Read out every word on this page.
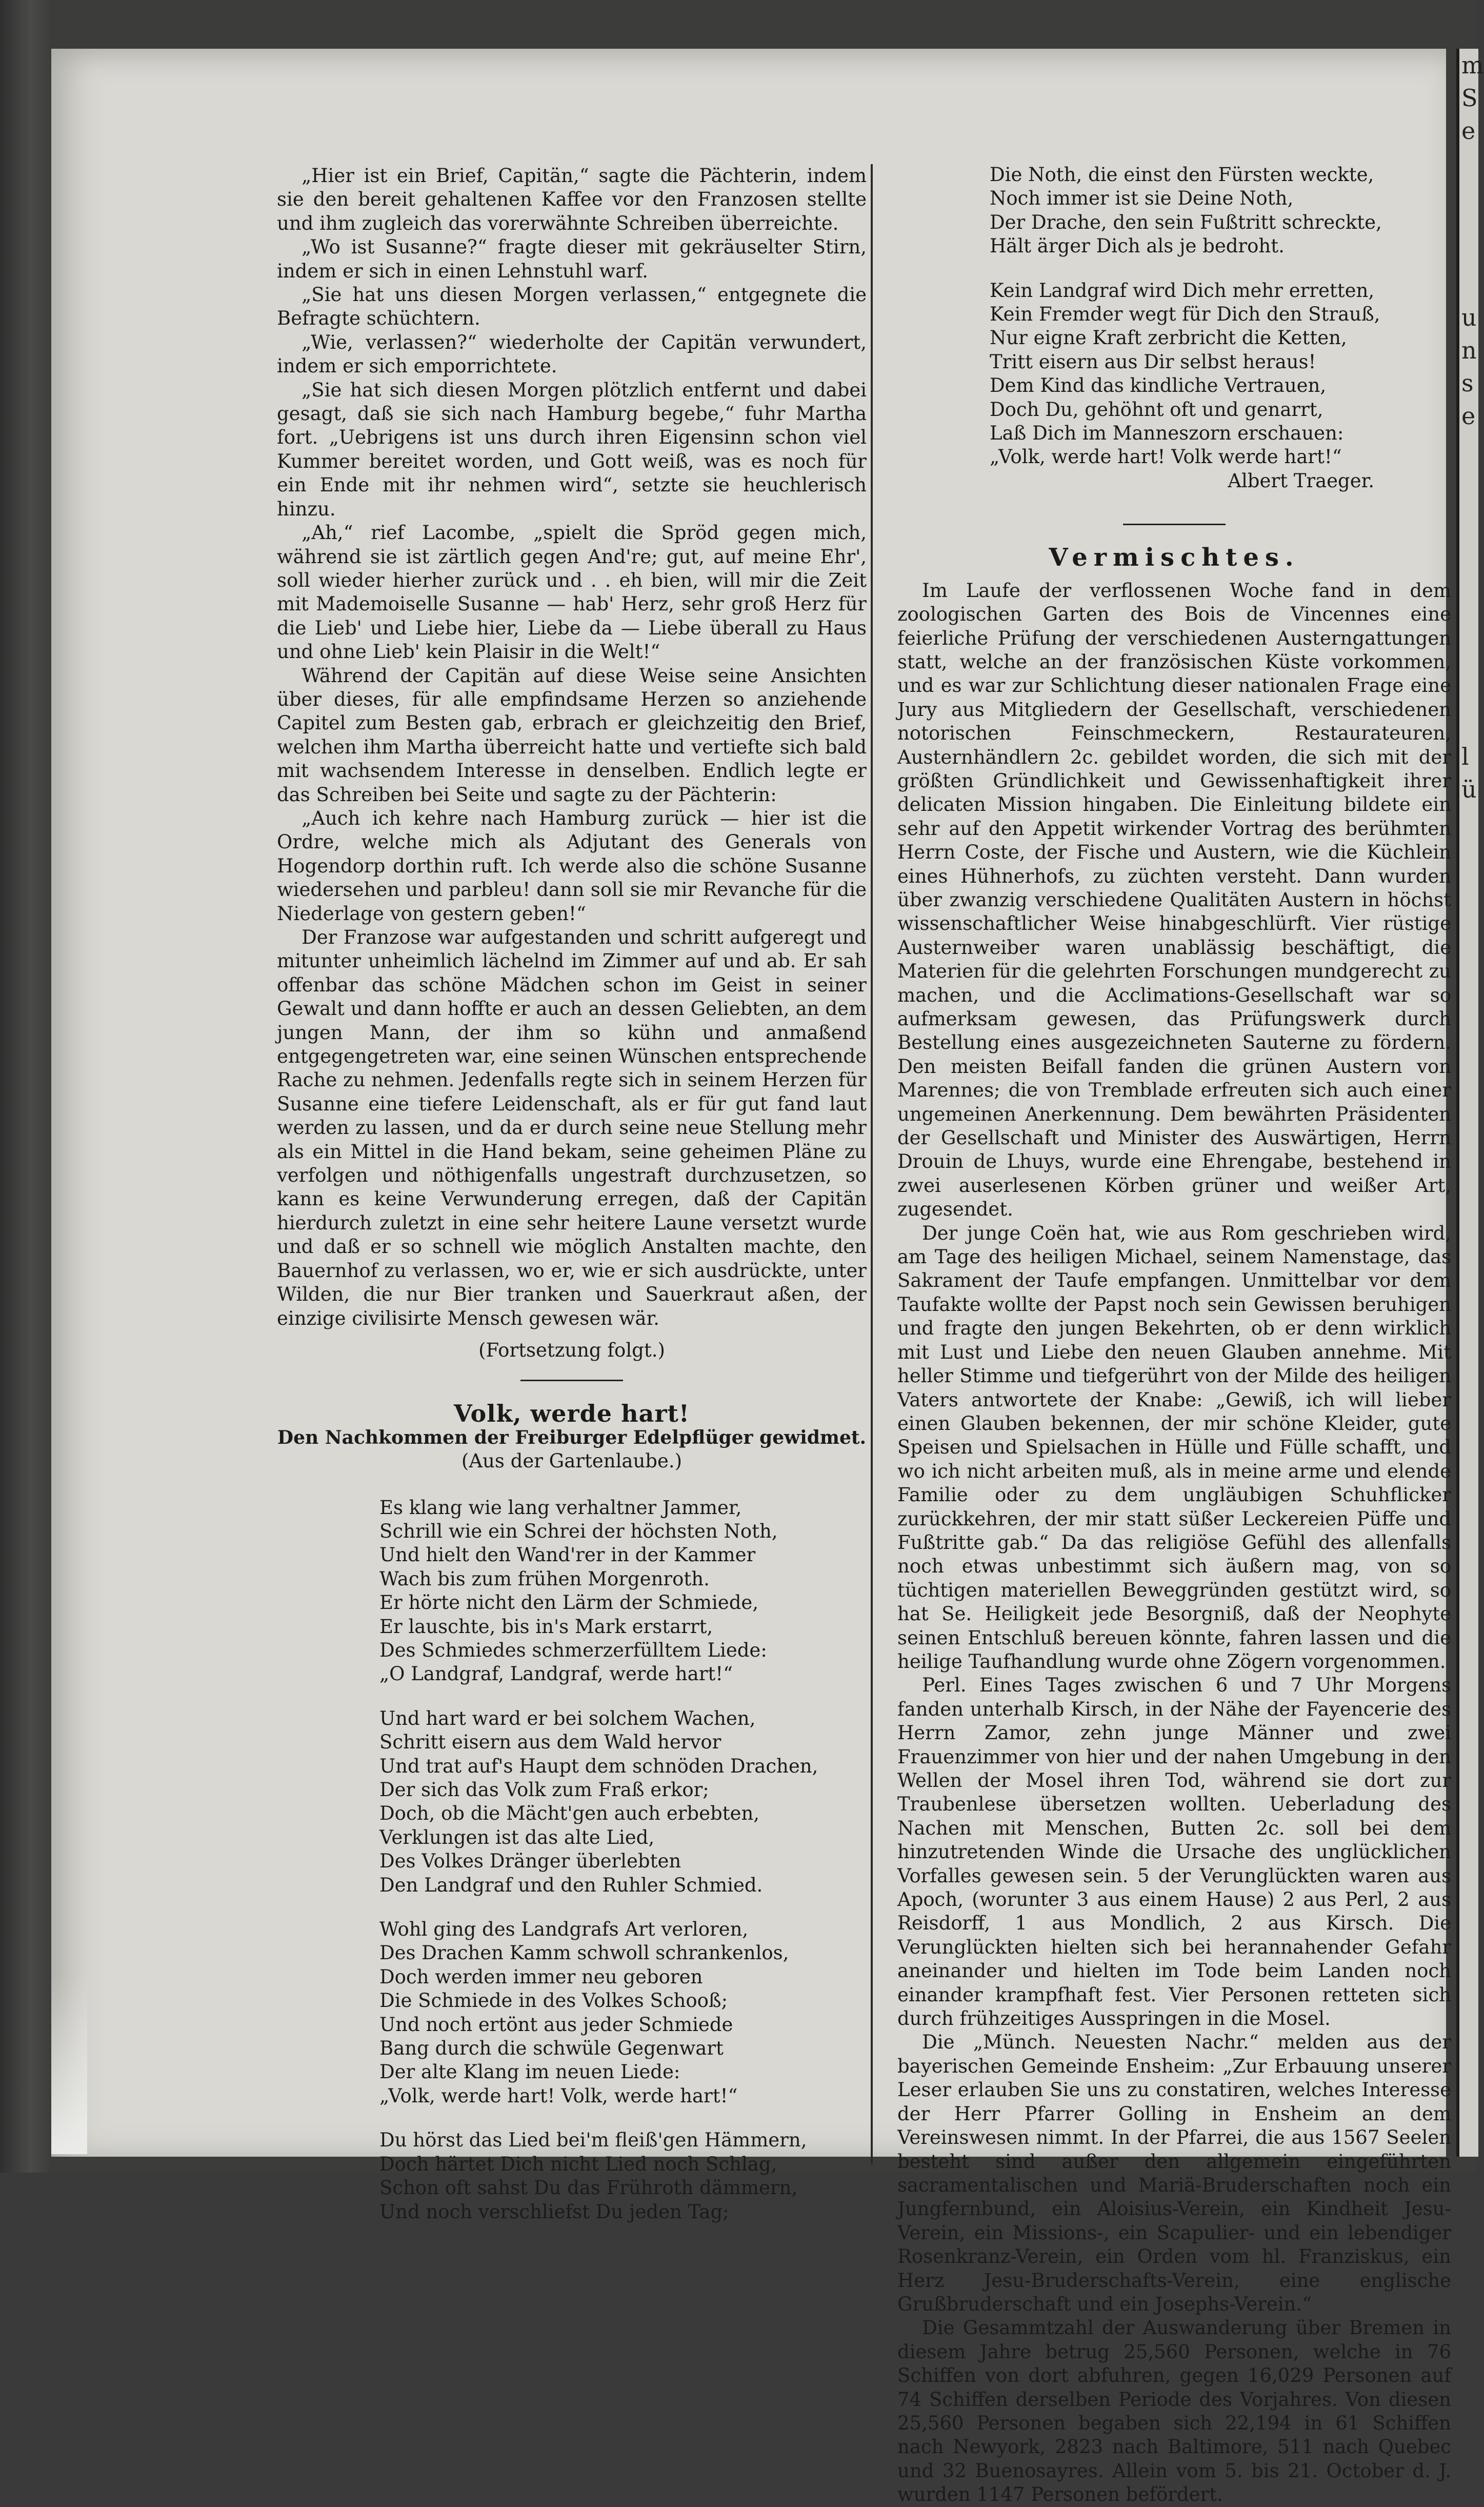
m
S
e
u
n
s
e
l
ü

„Hier ist ein Brief, Capitän,“ sagte die Pächterin, indem sie den bereit gehaltenen Kaffee vor den Franzosen stellte und ihm zugleich das vorerwähnte Schreiben überreichte.

„Wo ist Susanne?“ fragte dieser mit gekräuselter Stirn, indem er sich in einen Lehnstuhl warf.

„Sie hat uns diesen Morgen verlassen,“ entgegnete die Befragte schüchtern.

„Wie, verlassen?“ wiederholte der Capitän verwundert, indem er sich emporrichtete.

„Sie hat sich diesen Morgen plötzlich entfernt und dabei gesagt, daß sie sich nach Hamburg begebe,“ fuhr Martha fort. „Uebrigens ist uns durch ihren Eigensinn schon viel Kummer bereitet worden, und Gott weiß, was es noch für ein Ende mit ihr nehmen wird“, setzte sie heuchlerisch hinzu.

„Ah,“ rief Lacombe, „spielt die Spröd gegen mich, während sie ist zärtlich gegen And're; gut, auf meine Ehr', soll wieder hierher zurück und . . eh bien, will mir die Zeit mit Mademoiselle Susanne — hab' Herz, sehr groß Herz für die Lieb' und Liebe hier, Liebe da — Liebe überall zu Haus und ohne Lieb' kein Plaisir in die Welt!“

Während der Capitän auf diese Weise seine Ansichten über dieses, für alle empfindsame Herzen so anziehende Capitel zum Besten gab, erbrach er gleichzeitig den Brief, welchen ihm Martha überreicht hatte und vertiefte sich bald mit wachsendem Interesse in denselben. Endlich legte er das Schreiben bei Seite und sagte zu der Pächterin:

„Auch ich kehre nach Hamburg zurück — hier ist die Ordre, welche mich als Adjutant des Generals von Hogendorp dorthin ruft. Ich werde also die schöne Susanne wiedersehen und parbleu! dann soll sie mir Revanche für die Niederlage von gestern geben!“

Der Franzose war aufgestanden und schritt aufgeregt und mitunter unheimlich lächelnd im Zimmer auf und ab. Er sah offenbar das schöne Mädchen schon im Geist in seiner Gewalt und dann hoffte er auch an dessen Geliebten, an dem jungen Mann, der ihm so kühn und anmaßend entgegengetreten war, eine seinen Wünschen entsprechende Rache zu nehmen. Jedenfalls regte sich in seinem Herzen für Susanne eine tiefere Leidenschaft, als er für gut fand laut werden zu lassen, und da er durch seine neue Stellung mehr als ein Mittel in die Hand bekam, seine geheimen Pläne zu verfolgen und nöthigenfalls ungestraft durchzusetzen, so kann es keine Verwunderung erregen, daß der Capitän hierdurch zuletzt in eine sehr heitere Laune versetzt wurde und daß er so schnell wie möglich Anstalten machte, den Bauernhof zu verlassen, wo er, wie er sich ausdrückte, unter Wilden, die nur Bier tranken und Sauerkraut aßen, der einzige civilisirte Mensch gewesen wär.

(Fortsetzung folgt.)

Volk, werde hart!

Den Nachkommen der Freiburger Edelpflüger gewidmet.

(Aus der Gartenlaube.)

Es klang wie lang verhaltner Jammer,
Schrill wie ein Schrei der höchsten Noth,
Und hielt den Wand'rer in der Kammer
Wach bis zum frühen Morgenroth.
Er hörte nicht den Lärm der Schmiede,
Er lauschte, bis in's Mark erstarrt,
Des Schmiedes schmerzerfülltem Liede:
„O Landgraf, Landgraf, werde hart!“
Und hart ward er bei solchem Wachen,
Schritt eisern aus dem Wald hervor
Und trat auf's Haupt dem schnöden Drachen,
Der sich das Volk zum Fraß erkor;
Doch, ob die Mächt'gen auch erbebten,
Verklungen ist das alte Lied,
Des Volkes Dränger überlebten
Den Landgraf und den Ruhler Schmied.
Wohl ging des Landgrafs Art verloren,
Des Drachen Kamm schwoll schrankenlos,
Doch werden immer neu geboren
Die Schmiede in des Volkes Schooß;
Und noch ertönt aus jeder Schmiede
Bang durch die schwüle Gegenwart
Der alte Klang im neuen Liede:
„Volk, werde hart! Volk, werde hart!“
Du hörst das Lied bei'm fleiß'gen Hämmern,
Doch härtet Dich nicht Lied noch Schlag,
Schon oft sahst Du das Frühroth dämmern,
Und noch verschliefst Du jeden Tag;
Die Noth, die einst den Fürsten weckte,
Noch immer ist sie Deine Noth,
Der Drache, den sein Fußtritt schreckte,
Hält ärger Dich als je bedroht.
Kein Landgraf wird Dich mehr erretten,
Kein Fremder wegt für Dich den Strauß,
Nur eigne Kraft zerbricht die Ketten,
Tritt eisern aus Dir selbst heraus!
Dem Kind das kindliche Vertrauen,
Doch Du, gehöhnt oft und genarrt,
Laß Dich im Manneszorn erschauen:
„Volk, werde hart! Volk werde hart!“

Albert Traeger.

Vermischtes.

Im Laufe der verflossenen Woche fand in dem zoologischen Garten des Bois de Vincennes eine feierliche Prüfung der verschiedenen Austerngattungen statt, welche an der französischen Küste vorkommen, und es war zur Schlichtung dieser nationalen Frage eine Jury aus Mitgliedern der Gesellschaft, verschiedenen notorischen Feinschmeckern, Restaurateuren, Austernhändlern 2c. gebildet worden, die sich mit der größten Gründlichkeit und Gewissenhaftigkeit ihrer delicaten Mission hingaben. Die Einleitung bildete ein sehr auf den Appetit wirkender Vortrag des berühmten Herrn Coste, der Fische und Austern, wie die Küchlein eines Hühnerhofs, zu züchten versteht. Dann wurden über zwanzig verschiedene Qualitäten Austern in höchst wissenschaftlicher Weise hinabgeschlürft. Vier rüstige Austernweiber waren unablässig beschäftigt, die Materien für die gelehrten Forschungen mundgerecht zu machen, und die Acclimations-Gesellschaft war so aufmerksam gewesen, das Prüfungswerk durch Bestellung eines ausgezeichneten Sauterne zu fördern. Den meisten Beifall fanden die grünen Austern von Marennes; die von Tremblade erfreuten sich auch einer ungemeinen Anerkennung. Dem bewährten Präsidenten der Gesellschaft und Minister des Auswärtigen, Herrn Drouin de Lhuys, wurde eine Ehrengabe, bestehend in zwei auserlesenen Körben grüner und weißer Art, zugesendet.

Der junge Coën hat, wie aus Rom geschrieben wird, am Tage des heiligen Michael, seinem Namenstage, das Sakrament der Taufe empfangen. Unmittelbar vor dem Taufakte wollte der Papst noch sein Gewissen beruhigen und fragte den jungen Bekehrten, ob er denn wirklich mit Lust und Liebe den neuen Glauben annehme. Mit heller Stimme und tiefgerührt von der Milde des heiligen Vaters antwortete der Knabe: „Gewiß, ich will lieber einen Glauben bekennen, der mir schöne Kleider, gute Speisen und Spielsachen in Hülle und Fülle schafft, und wo ich nicht arbeiten muß, als in meine arme und elende Familie oder zu dem ungläubigen Schuhflicker zurückkehren, der mir statt süßer Leckereien Püffe und Fußtritte gab.“ Da das religiöse Gefühl des allenfalls noch etwas unbestimmt sich äußern mag, von so tüchtigen materiellen Beweggründen gestützt wird, so hat Se. Heiligkeit jede Besorgniß, daß der Neophyte seinen Entschluß bereuen könnte, fahren lassen und die heilige Taufhandlung wurde ohne Zögern vorgenommen.

Perl. Eines Tages zwischen 6 und 7 Uhr Morgens fanden unterhalb Kirsch, in der Nähe der Fayencerie des Herrn Zamor, zehn junge Männer und zwei Frauenzimmer von hier und der nahen Umgebung in den Wellen der Mosel ihren Tod, während sie dort zur Traubenlese übersetzen wollten. Ueberladung des Nachen mit Menschen, Butten 2c. soll bei dem hinzutretenden Winde die Ursache des unglücklichen Vorfalles gewesen sein. 5 der Verunglückten waren aus Apoch, (worunter 3 aus einem Hause) 2 aus Perl, 2 aus Reisdorff, 1 aus Mondlich, 2 aus Kirsch. Die Verunglückten hielten sich bei herannahender Gefahr aneinander und hielten im Tode beim Landen noch einander krampfhaft fest. Vier Personen retteten sich durch frühzeitiges Ausspringen in die Mosel.

Die „Münch. Neuesten Nachr.“ melden aus der bayerischen Gemeinde Ensheim: „Zur Erbauung unserer Leser erlauben Sie uns zu constatiren, welches Interesse der Herr Pfarrer Golling in Ensheim an dem Vereinswesen nimmt. In der Pfarrei, die aus 1567 Seelen besteht sind außer den allgemein eingeführten sacramentalischen und Mariä-Bruderschaften noch ein Jungfernbund, ein Aloisius-Verein, ein Kindheit Jesu-Verein, ein Missions-, ein Scapulier- und ein lebendiger Rosenkranz-Verein, ein Orden vom hl. Franziskus, ein Herz Jesu-Bruderschafts-Verein, eine englische Grußbruderschaft und ein Josephs-Verein.“

Die Gesammtzahl der Auswanderung über Bremen in diesem Jahre betrug 25,560 Personen, welche in 76 Schiffen von dort abfuhren, gegen 16,029 Personen auf 74 Schiffen derselben Periode des Vorjahres. Von diesen 25,560 Personen begaben sich 22,194 in 61 Schiffen nach Newyork, 2823 nach Baltimore, 511 nach Quebec und 32 Buenosayres. Allein vom 5. bis 21. October d. J. wurden 1147 Personen befördert.
